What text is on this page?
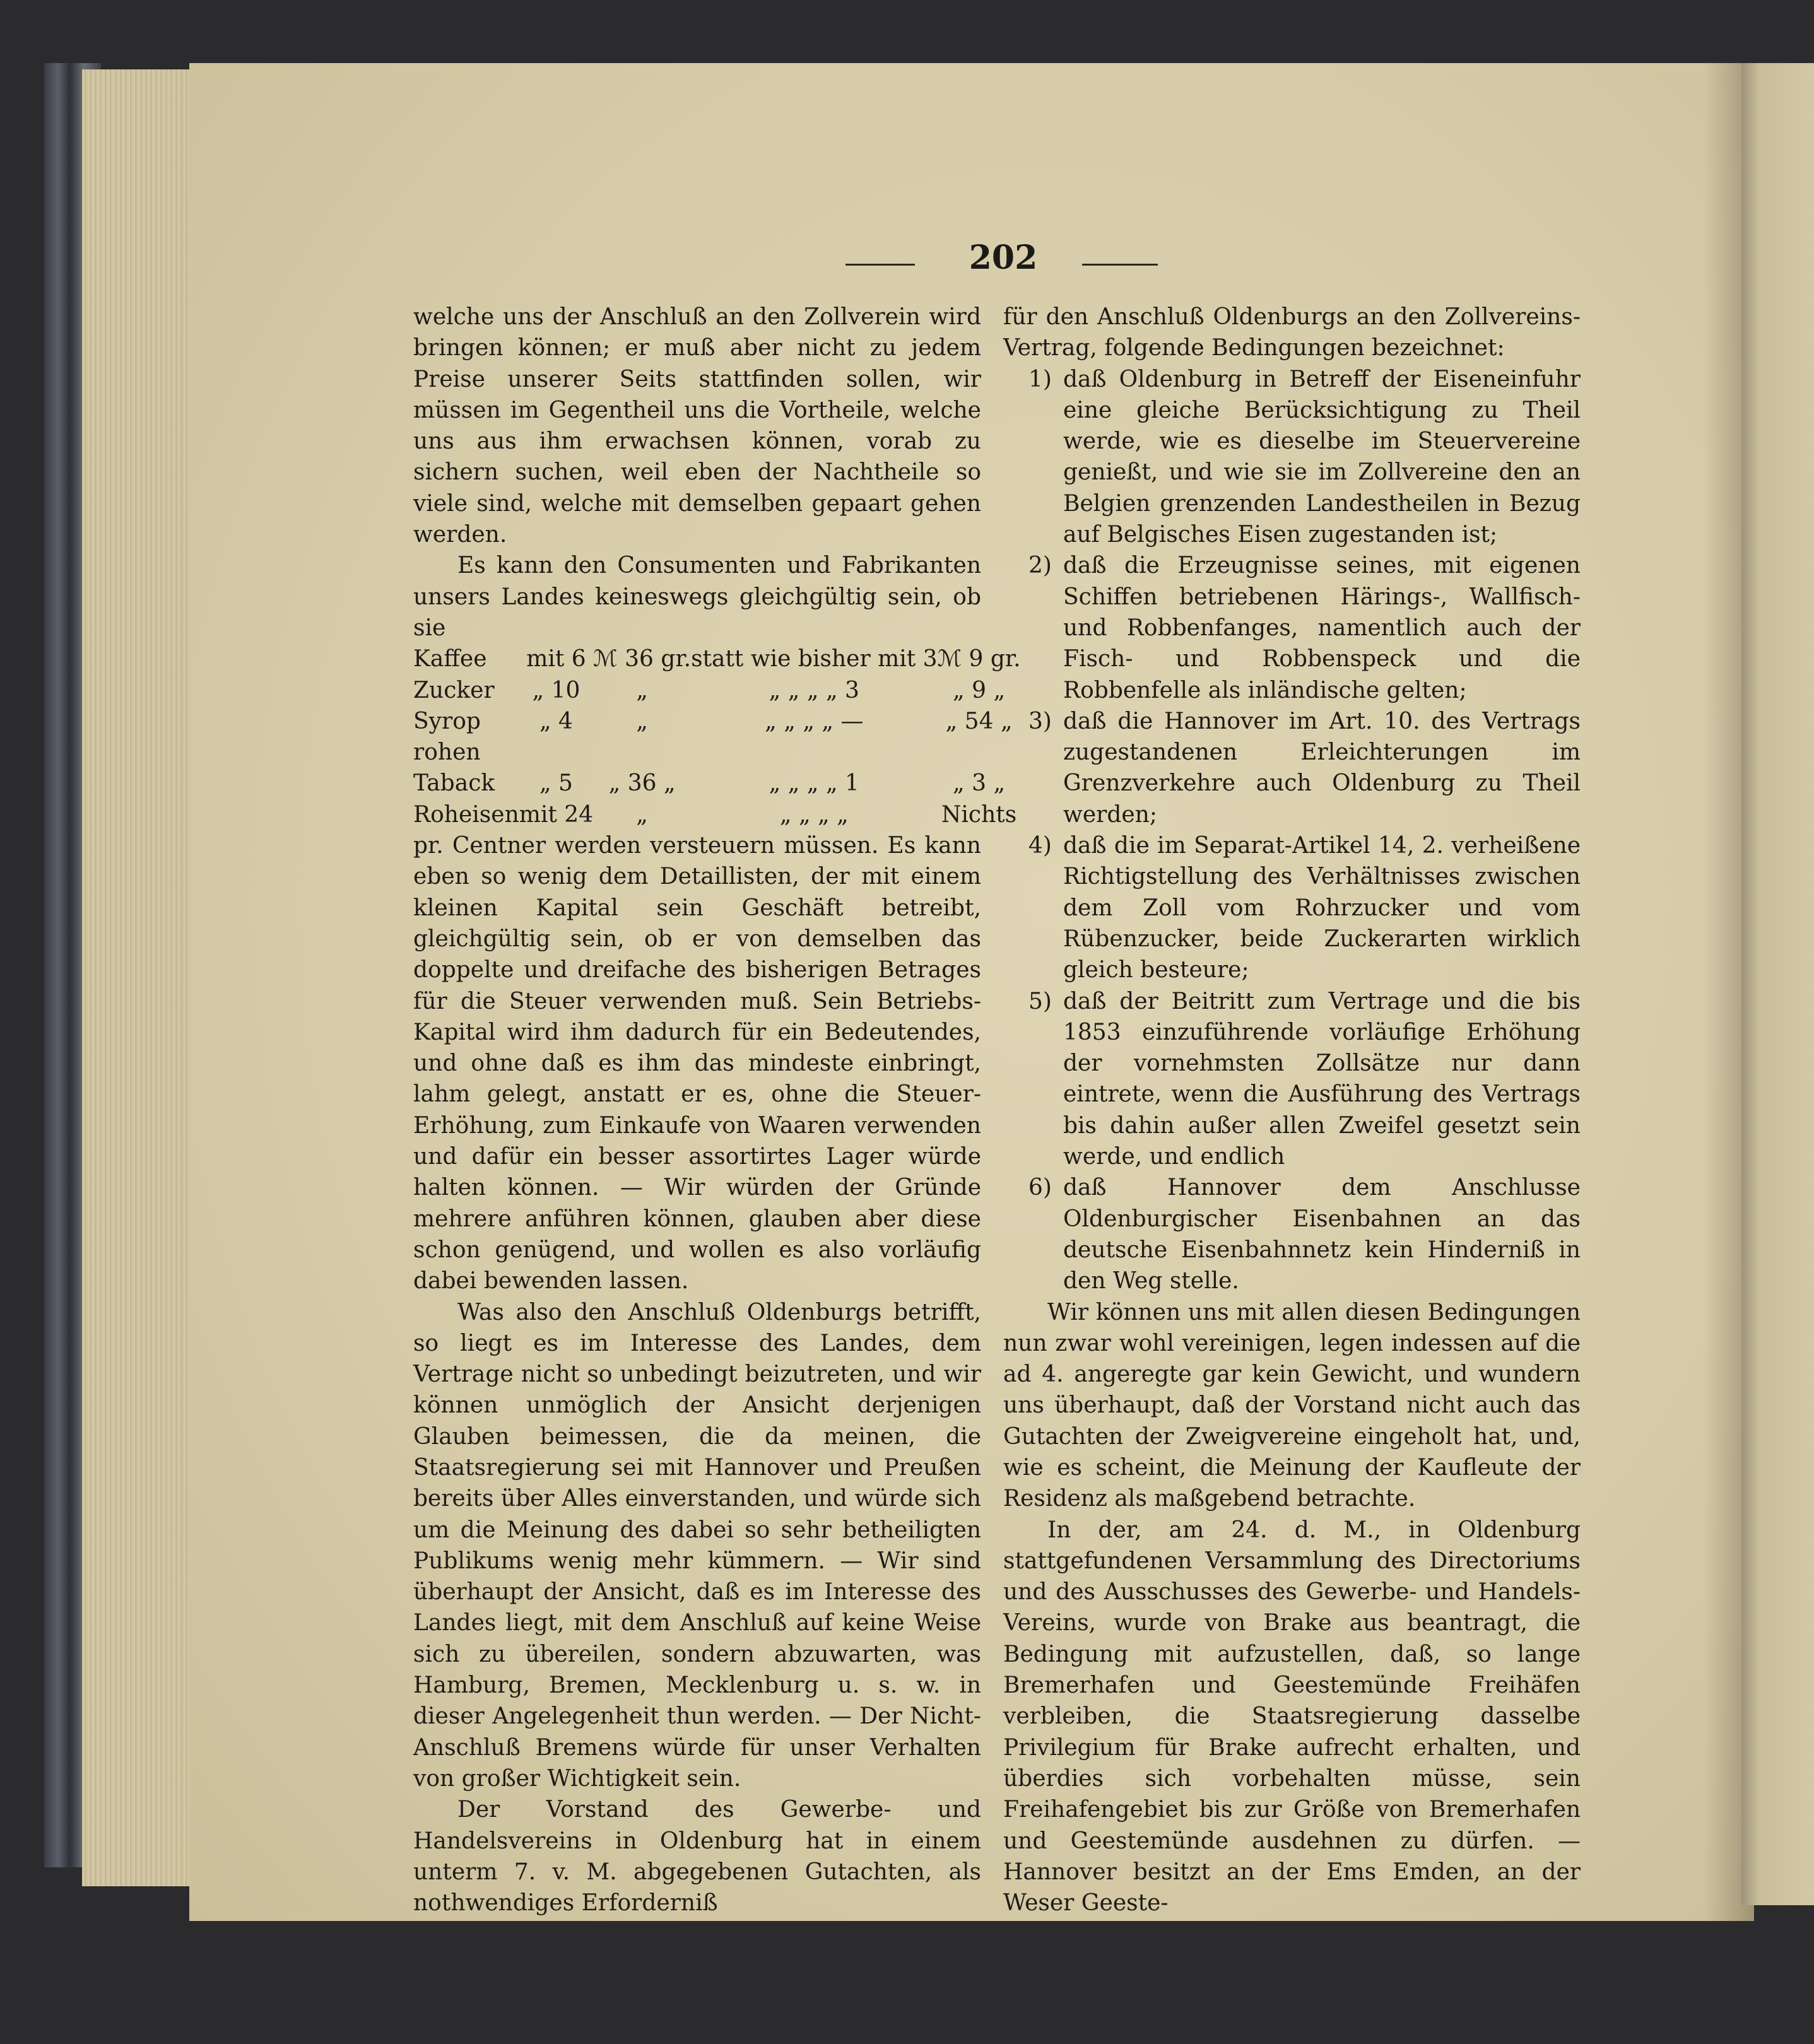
202

welche uns der Anschluß an den Zollverein wird bringen können; er muß aber nicht zu jedem Preise unserer Seits stattfinden sollen, wir müssen im Gegentheil uns die Vortheile, welche uns aus ihm erwachsen können, vorab zu sichern suchen, weil eben der Nachtheile so viele sind, welche mit demselben gepaart gehen werden.

Es kann den Consumenten und Fabrikanten unsers Landes keineswegs gleichgültig sein, ob sie

Kaffee	mit 6	ℳ 36 gr.	statt wie bisher mit 3	ℳ 9 gr.
Zucker	„ 10	„	„ „ „ „ 3	„ 9 „
Syrop	„ 4	„	„ „ „ „ —	„ 54 „
rohen				
Taback	„ 5	„ 36 „	„ „ „ „ 1	„ 3 „
Roheisen	mit 24	„	„ „ „ „	Nichts

pr. Centner werden versteuern müssen. Es kann eben so wenig dem Detaillisten, der mit einem kleinen Kapital sein Geschäft betreibt, gleichgültig sein, ob er von demselben das doppelte und dreifache des bisherigen Betrages für die Steuer verwenden muß. Sein Betriebs-Kapital wird ihm dadurch für ein Bedeutendes, und ohne daß es ihm das mindeste einbringt, lahm gelegt, anstatt er es, ohne die Steuer-Erhöhung, zum Einkaufe von Waaren verwenden und dafür ein besser assortirtes Lager würde halten können. — Wir würden der Gründe mehrere anführen können, glauben aber diese schon genügend, und wollen es also vorläufig dabei bewenden lassen.

Was also den Anschluß Oldenburgs betrifft, so liegt es im Interesse des Landes, dem Vertrage nicht so unbedingt beizutreten, und wir können unmöglich der Ansicht derjenigen Glauben beimessen, die da meinen, die Staatsregierung sei mit Hannover und Preußen bereits über Alles einverstanden, und würde sich um die Meinung des dabei so sehr betheiligten Publikums wenig mehr kümmern. — Wir sind überhaupt der Ansicht, daß es im Interesse des Landes liegt, mit dem Anschluß auf keine Weise sich zu übereilen, sondern abzuwarten, was Hamburg, Bremen, Mecklenburg u. s. w. in dieser Angelegenheit thun werden. — Der Nicht-Anschluß Bremens würde für unser Verhalten von großer Wichtigkeit sein.

Der Vorstand des Gewerbe- und Handelsvereins in Oldenburg hat in einem unterm 7. v. M. abgegebenen Gutachten, als nothwendiges Erforderniß

für den Anschluß Oldenburgs an den Zollvereins-Vertrag, folgende Bedingungen bezeichnet:

1) daß Oldenburg in Betreff der Eiseneinfuhr eine gleiche Berücksichtigung zu Theil werde, wie es dieselbe im Steuervereine genießt, und wie sie im Zollvereine den an Belgien grenzenden Landestheilen in Bezug auf Belgisches Eisen zugestanden ist;
2) daß die Erzeugnisse seines, mit eigenen Schiffen betriebenen Härings-, Wallfisch- und Robbenfanges, namentlich auch der Fisch- und Robbenspeck und die Robbenfelle als inländische gelten;
3) daß die Hannover im Art. 10. des Vertrags zugestandenen Erleichterungen im Grenzverkehre auch Oldenburg zu Theil werden;
4) daß die im Separat-Artikel 14, 2. verheißene Richtigstellung des Verhältnisses zwischen dem Zoll vom Rohrzucker und vom Rübenzucker, beide Zuckerarten wirklich gleich besteure;
5) daß der Beitritt zum Vertrage und die bis 1853 einzuführende vorläufige Erhöhung der vornehmsten Zollsätze nur dann eintrete, wenn die Ausführung des Vertrags bis dahin außer allen Zweifel gesetzt sein werde, und endlich
6) daß Hannover dem Anschlusse Oldenburgischer Eisenbahnen an das deutsche Eisenbahnnetz kein Hinderniß in den Weg stelle.

Wir können uns mit allen diesen Bedingungen nun zwar wohl vereinigen, legen indessen auf die ad 4. angeregte gar kein Gewicht, und wundern uns überhaupt, daß der Vorstand nicht auch das Gutachten der Zweigvereine eingeholt hat, und, wie es scheint, die Meinung der Kaufleute der Residenz als maßgebend betrachte.

In der, am 24. d. M., in Oldenburg stattgefundenen Versammlung des Directoriums und des Ausschusses des Gewerbe- und Handels-Vereins, wurde von Brake aus beantragt, die Bedingung mit aufzustellen, daß, so lange Bremerhafen und Geestemünde Freihäfen verbleiben, die Staatsregierung dasselbe Privilegium für Brake aufrecht erhalten, und überdies sich vorbehalten müsse, sein Freihafengebiet bis zur Größe von Bremerhafen und Geestemünde ausdehnen zu dürfen. — Hannover besitzt an der Ems Emden, an der Weser Geeste-
